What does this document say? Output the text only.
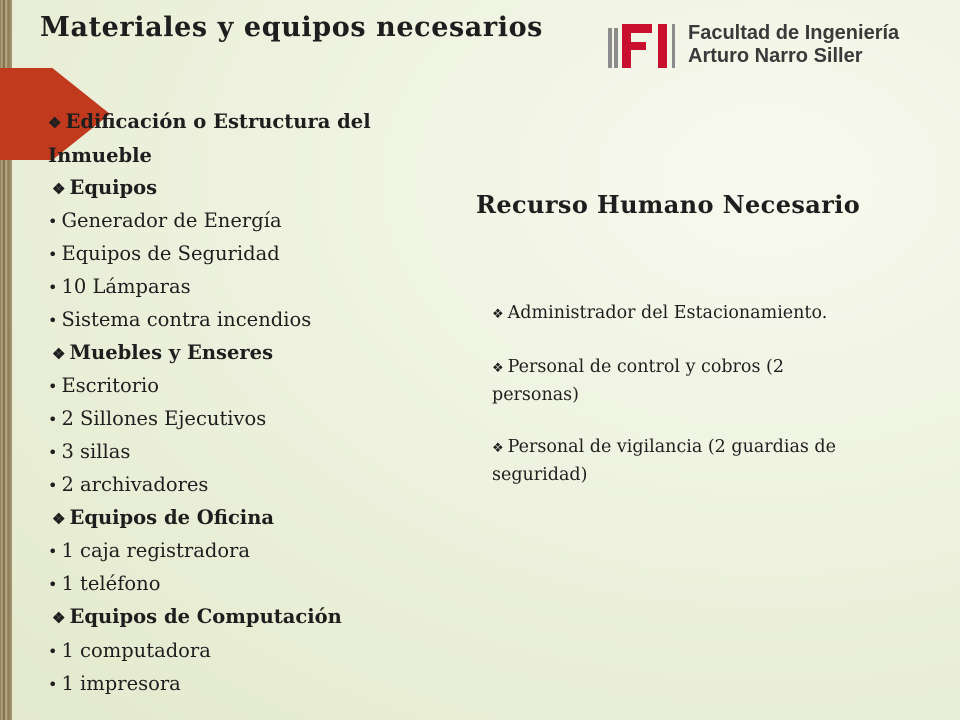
Materiales y equipos necesarios	Facultad de Ingeniería
Arturo Narro Siller
❖ Edificación o Estructura del Inmueble
❖ Equipos
• Generador de Energía
• Equipos de Seguridad
• 10 Lámparas
• Sistema contra incendios
❖ Muebles y Enseres
• Escritorio
• 2 Sillones Ejecutivos
• 3 sillas
• 2 archivadores
❖ Equipos de Oficina
• 1 caja registradora
• 1 teléfono
❖ Equipos de Computación
• 1 computadora
• 1 impresora
Recurso Humano Necesario
❖ Administrador del Estacionamiento.
❖ Personal de control y cobros (2 personas)
❖ Personal de vigilancia (2 guardias de seguridad)
